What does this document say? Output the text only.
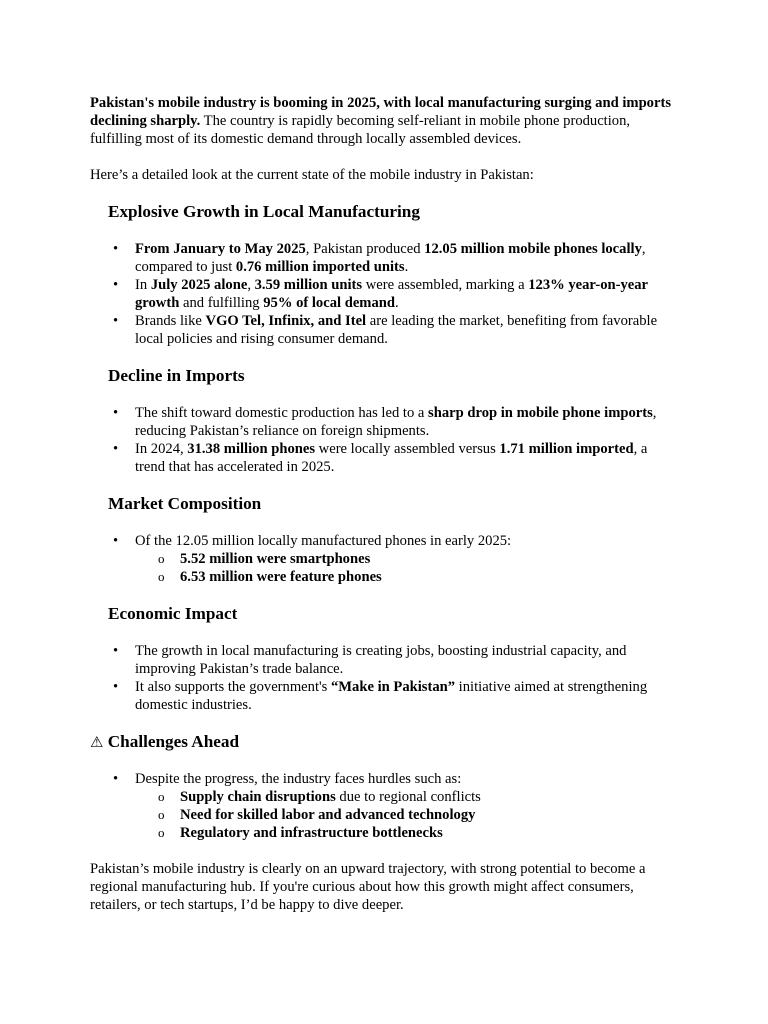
Pakistan's mobile industry is booming in 2025, with local manufacturing surging and imports declining sharply. The country is rapidly becoming self-reliant in mobile phone production, fulfilling most of its domestic demand through locally assembled devices.

Here’s a detailed look at the current state of the mobile industry in Pakistan:

Explosive Growth in Local Manufacturing
• From January to May 2025, Pakistan produced 12.05 million mobile phones locally, compared to just 0.76 million imported units.
• In July 2025 alone, 3.59 million units were assembled, marking a 123% year-on-year growth and fulfilling 95% of local demand.
• Brands like VGO Tel, Infinix, and Itel are leading the market, benefiting from favorable local policies and rising consumer demand.
Decline in Imports
• The shift toward domestic production has led to a sharp drop in mobile phone imports, reducing Pakistan’s reliance on foreign shipments.
• In 2024, 31.38 million phones were locally assembled versus 1.71 million imported, a trend that has accelerated in 2025.
Market Composition
• Of the 12.05 million locally manufactured phones in early 2025:
o 5.52 million were smartphones
o 6.53 million were feature phones
Economic Impact
• The growth in local manufacturing is creating jobs, boosting industrial capacity, and improving Pakistan’s trade balance.
• It also supports the government's “Make in Pakistan” initiative aimed at strengthening domestic industries.
⚠ Challenges Ahead
• Despite the progress, the industry faces hurdles such as:
o Supply chain disruptions due to regional conflicts
o Need for skilled labor and advanced technology
o Regulatory and infrastructure bottlenecks

Pakistan’s mobile industry is clearly on an upward trajectory, with strong potential to become a regional manufacturing hub. If you're curious about how this growth might affect consumers, retailers, or tech startups, I’d be happy to dive deeper.
